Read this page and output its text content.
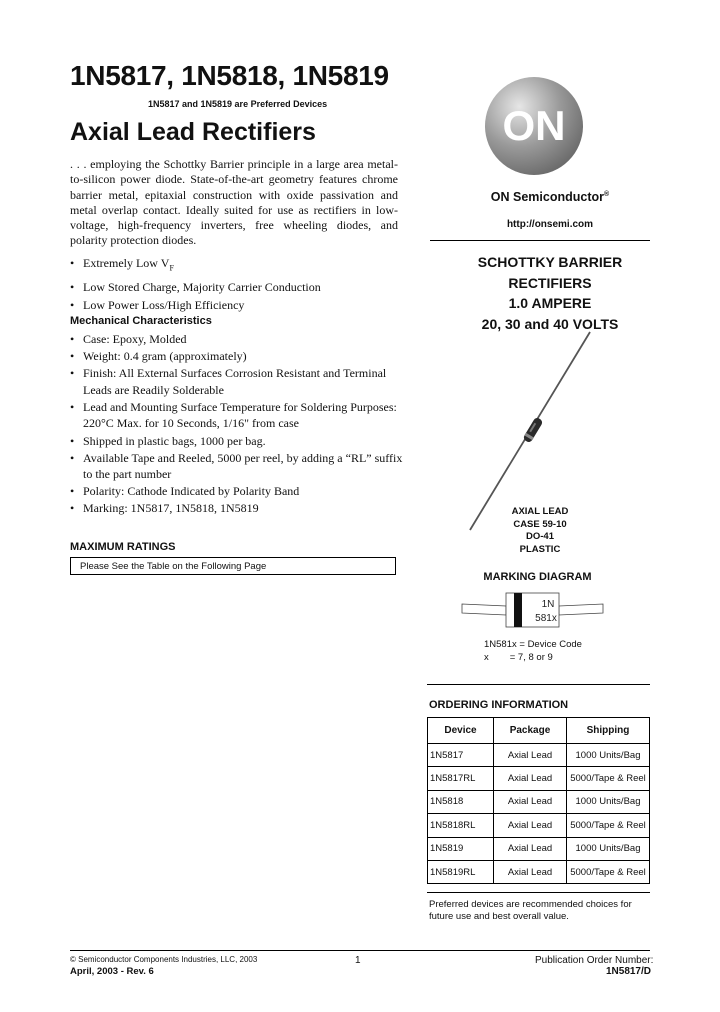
1N5817, 1N5818, 1N5819
1N5817 and 1N5819 are Preferred Devices
Axial Lead Rectifiers
. . . employing the Schottky Barrier principle in a large area metal-to-silicon power diode. State-of-the-art geometry features chrome barrier metal, epitaxial construction with oxide passivation and metal overlap contact. Ideally suited for use as rectifiers in low-voltage, high-frequency inverters, free wheeling diodes, and polarity protection diodes.
• Extremely Low $V_F$
• Low Stored Charge, Majority Carrier Conduction
• Low Power Loss/High Efficiency
Mechanical Characteristics
• Case: Epoxy, Molded
• Weight: 0.4 gram (approximately)
• Finish: All External Surfaces Corrosion Resistant and Terminal Leads are Readily Solderable
• Lead and Mounting Surface Temperature for Soldering Purposes: 220°C Max. for 10 Seconds, 1/16" from case
• Shipped in plastic bags, 1000 per bag.
• Available Tape and Reeled, 5000 per reel, by adding a “RL” suffix to the part number
• Polarity: Cathode Indicated by Polarity Band
• Marking: 1N5817, 1N5818, 1N5819
MAXIMUM RATINGS
Please See the Table on the Following Page
ON
ON Semiconductor®
http://onsemi.com
SCHOTTKY BARRIER
RECTIFIERS
1.0 AMPERE
20, 30 and 40 VOLTS
AXIAL LEAD
CASE 59-10
DO-41
PLASTIC
MARKING DIAGRAM
1N
581x
1N581x = Device Code
x = 7, 8 or 9
ORDERING INFORMATION
Device	Package	Shipping
1N5817	Axial Lead	1000 Units/Bag
1N5817RL	Axial Lead	5000/Tape & Reel
1N5818	Axial Lead	1000 Units/Bag
1N5818RL	Axial Lead	5000/Tape & Reel
1N5819	Axial Lead	1000 Units/Bag
1N5819RL	Axial Lead	5000/Tape & Reel
Preferred devices are recommended choices for future use and best overall value.
© Semiconductor Components Industries, LLC, 2003
April, 2003 - Rev. 6
1	Publication Order Number:
1N5817/D
